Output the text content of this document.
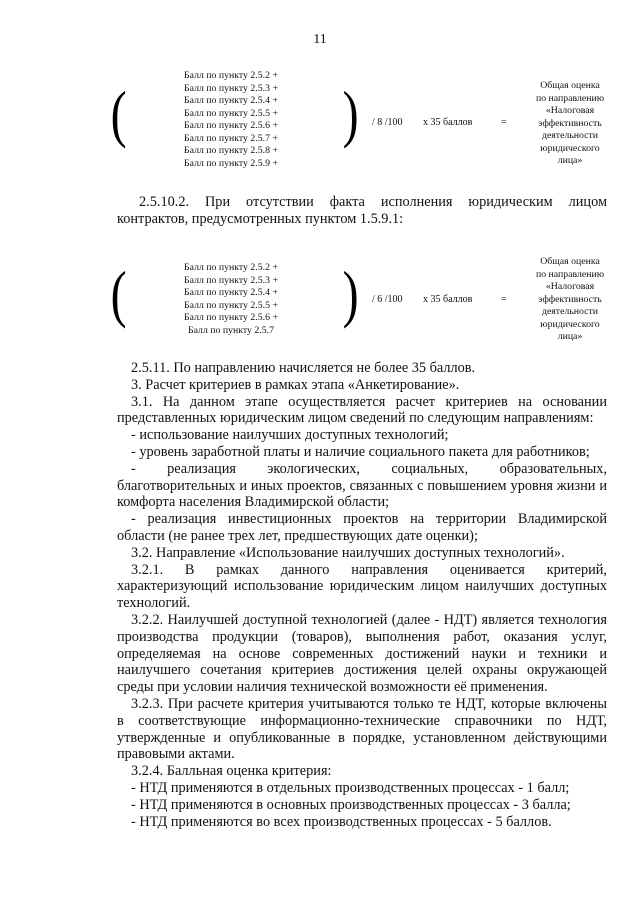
11
(
Балл по пункту 2.5.2 +
Балл по пункту 2.5.3 +
Балл по пункту 2.5.4 +
Балл по пункту 2.5.5 +
Балл по пункту 2.5.6 +
Балл по пункту 2.5.7 +
Балл по пункту 2.5.8 +
Балл по пункту 2.5.9 +
) / 8 /100 х 35 баллов	=
Общая оценка
по направлению
«Налоговая
эффективность
деятельности
юридического
лица»

2.5.10.2. При отсутствии факта исполнения юридическим лицом контрактов, предусмотренных пунктом 1.5.9.1:

(	Балл по пункту 2.5.2 +
Балл по пункту 2.5.3 +
Балл по пункту 2.5.4 +
Балл по пункту 2.5.5 +
Балл по пункту 2.5.6 +
Балл по пункту 2.5.7
) / 6 /100 х 35 баллов	=
Общая оценка
по направлению
«Налоговая
эффективность
деятельности
юридического
лица»

2.5.11. По направлению начисляется не более 35 баллов.

3. Расчет критериев в рамках этапа «Анкетирование».

3.1. На данном этапе осуществляется расчет критериев на основании представленных юридическим лицом сведений по следующим направлениям:

- использование наилучших доступных технологий;

- уровень заработной платы и наличие социального пакета для работников;

- реализация экологических, социальных, образовательных, благотворительных и иных проектов, связанных с повышением уровня жизни и комфорта населения Владимирской области;

- реализация инвестиционных проектов на территории Владимирской области (не ранее трех лет, предшествующих дате оценки);

3.2. Направление «Использование наилучших доступных технологий».

3.2.1. В рамках данного направления оценивается критерий, характеризующий использование юридическим лицом наилучших доступных технологий.

3.2.2. Наилучшей доступной технологией (далее - НДТ) является технология производства продукции (товаров), выполнения работ, оказания услуг, определяемая на основе современных достижений науки и техники и наилучшего сочетания критериев достижения целей охраны окружающей среды при условии наличия технической возможности её применения.

3.2.3. При расчете критерия учитываются только те НДТ, которые включены в соответствующие информационно-технические справочники по НДТ, утвержденные и опубликованные в порядке, установленном действующими правовыми актами.

3.2.4. Балльная оценка критерия:

- НТД применяются в отдельных производственных процессах - 1 балл;

- НТД применяются в основных производственных процессах - 3 балла;

- НТД применяются во всех производственных процессах - 5 баллов.
